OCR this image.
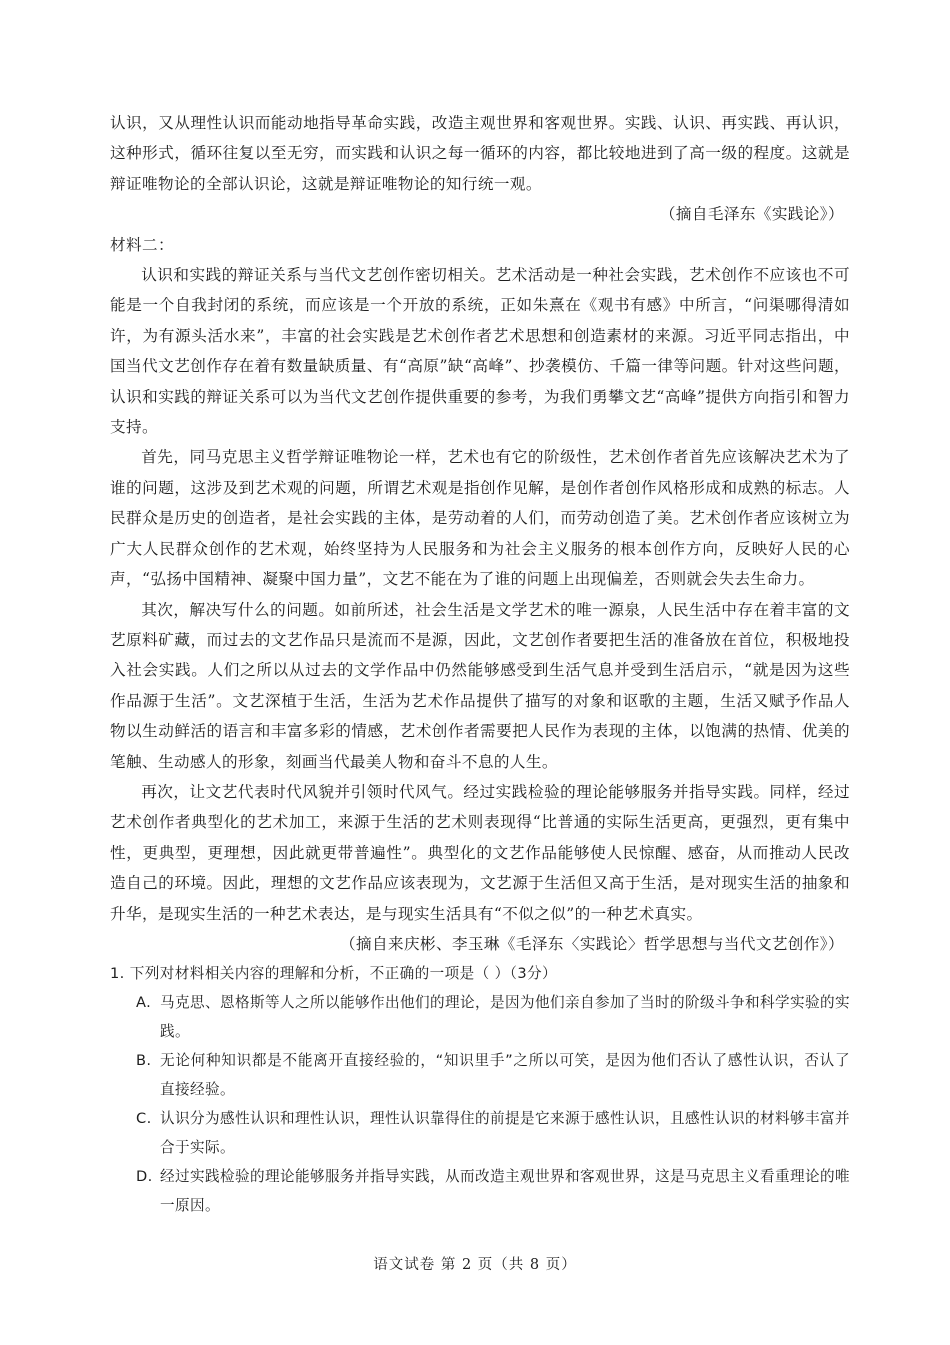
认识，又从理性认识而能动地指导革命实践，改造主观世界和客观世界。实践、认识、再实践、再认识，这种形式，循环往复以至无穷，而实践和认识之每一循环的内容，都比较地进到了高一级的程度。这就是辩证唯物论的全部认识论，这就是辩证唯物论的知行统一观。

（摘自毛泽东《实践论》）

材料二：

认识和实践的辩证关系与当代文艺创作密切相关。艺术活动是一种社会实践，艺术创作不应该也不可能是一个自我封闭的系统，而应该是一个开放的系统，正如朱熹在《观书有感》中所言，“问渠哪得清如许，为有源头活水来”，丰富的社会实践是艺术创作者艺术思想和创造素材的来源。习近平同志指出，中国当代文艺创作存在着有数量缺质量、有“高原”缺“高峰”、抄袭模仿、千篇一律等问题。针对这些问题，认识和实践的辩证关系可以为当代文艺创作提供重要的参考，为我们勇攀文艺“高峰”提供方向指引和智力支持。

首先，同马克思主义哲学辩证唯物论一样，艺术也有它的阶级性，艺术创作者首先应该解决艺术为了谁的问题，这涉及到艺术观的问题，所谓艺术观是指创作见解，是创作者创作风格形成和成熟的标志。人民群众是历史的创造者，是社会实践的主体，是劳动着的人们，而劳动创造了美。艺术创作者应该树立为广大人民群众创作的艺术观，始终坚持为人民服务和为社会主义服务的根本创作方向，反映好人民的心声，“弘扬中国精神、凝聚中国力量”，文艺不能在为了谁的问题上出现偏差，否则就会失去生命力。

其次，解决写什么的问题。如前所述，社会生活是文学艺术的唯一源泉，人民生活中存在着丰富的文艺原料矿藏，而过去的文艺作品只是流而不是源，因此，文艺创作者要把生活的准备放在首位，积极地投入社会实践。人们之所以从过去的文学作品中仍然能够感受到生活气息并受到生活启示，“就是因为这些作品源于生活”。文艺深植于生活，生活为艺术作品提供了描写的对象和讴歌的主题，生活又赋予作品人物以生动鲜活的语言和丰富多彩的情感，艺术创作者需要把人民作为表现的主体，以饱满的热情、优美的笔触、生动感人的形象，刻画当代最美人物和奋斗不息的人生。

再次，让文艺代表时代风貌并引领时代风气。经过实践检验的理论能够服务并指导实践。同样，经过艺术创作者典型化的艺术加工，来源于生活的艺术则表现得“比普通的实际生活更高，更强烈，更有集中性，更典型，更理想，因此就更带普遍性”。典型化的文艺作品能够使人民惊醒、感奋，从而推动人民改造自己的环境。因此，理想的文艺作品应该表现为，文艺源于生活但又高于生活，是对现实生活的抽象和升华，是现实生活的一种艺术表达，是与现实生活具有“不似之似”的一种艺术真实。

（摘自来庆彬、李玉琳《毛泽东〈实践论〉哲学思想与当代文艺创作》）

1. 下列对材料相关内容的理解和分析，不正确的一项是（ ）（3分）

A. 马克思、恩格斯等人之所以能够作出他们的理论，是因为他们亲自参加了当时的阶级斗争和科学实验的实践。
B. 无论何种知识都是不能离开直接经验的，“知识里手”之所以可笑，是因为他们否认了感性认识，否认了直接经验。
C. 认识分为感性认识和理性认识，理性认识靠得住的前提是它来源于感性认识，且感性认识的材料够丰富并合于实际。
D. 经过实践检验的理论能够服务并指导实践，从而改造主观世界和客观世界，这是马克思主义看重理论的唯一原因。
语文试卷 第 2 页（共 8 页）
